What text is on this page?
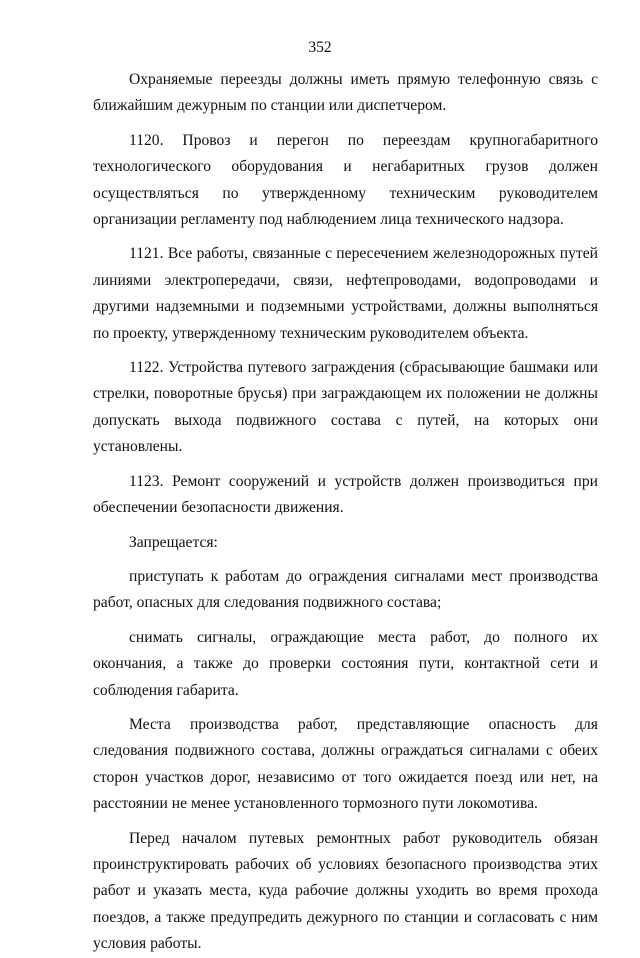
352

Охраняемые переезды должны иметь прямую телефонную связь с ближайшим дежурным по станции или диспетчером.

1120. Провоз и перегон по переездам крупногабаритного технологического оборудования и негабаритных грузов должен осуществляться по утвержденному техническим руководителем организации регламенту под наблюдением лица технического надзора.

1121. Все работы, связанные с пересечением железнодорожных путей линиями электропередачи, связи, нефтепроводами, водопроводами и другими надземными и подземными устройствами, должны выполняться по проекту, утвержденному техническим руководителем объекта.

1122. Устройства путевого заграждения (сбрасывающие башмаки или стрелки, поворотные брусья) при заграждающем их положении не должны допускать выхода подвижного состава с путей, на которых они установлены.

1123. Ремонт сооружений и устройств должен производиться при обеспечении безопасности движения.

Запрещается:

приступать к работам до ограждения сигналами мест производства работ, опасных для следования подвижного состава;

снимать сигналы, ограждающие места работ, до полного их окончания, а также до проверки состояния пути, контактной сети и соблюдения габарита.

Места производства работ, представляющие опасность для следования подвижного состава, должны ограждаться сигналами с обеих сторон участков дорог, независимо от того ожидается поезд или нет, на расстоянии не менее установленного тормозного пути локомотива.

Перед началом путевых ремонтных работ руководитель обязан проинструктировать рабочих об условиях безопасного производства этих работ и указать места, куда рабочие должны уходить во время прохода поездов, а также предупредить дежурного по станции и согласовать с ним условия работы.
